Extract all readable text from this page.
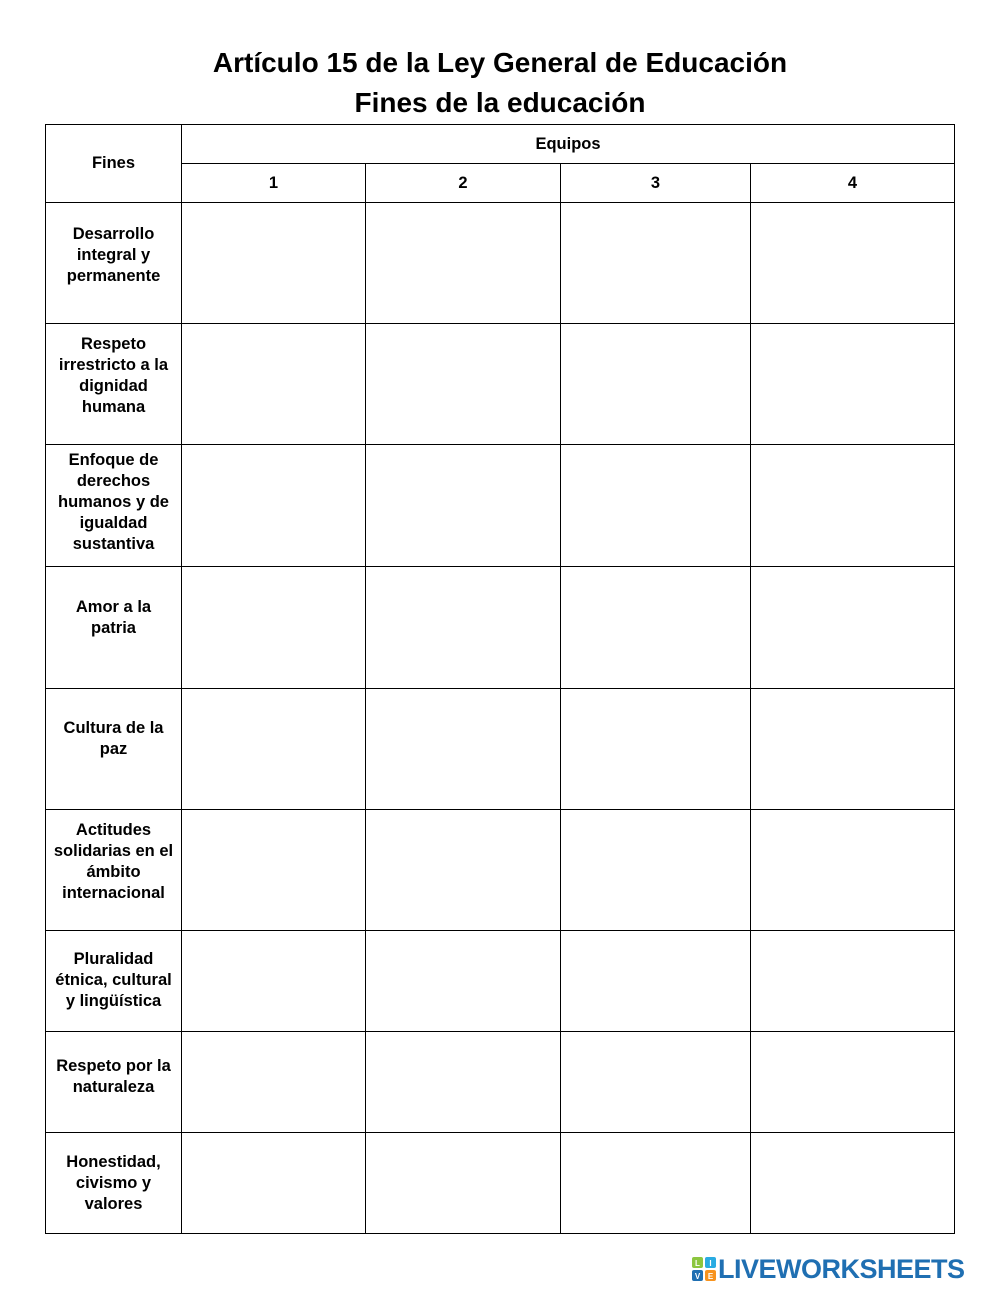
Artículo 15 de la Ley General de Educación
Fines de la educación
Fines	Equipos			
	1	2	3	4

Desarrollo integral y permanente				

Respeto irrestricto a la dignidad humana				

Enfoque de derechos humanos y de igualdad sustantiva				

Amor a la patria				

Cultura de la paz				

Actitudes solidarias en el ámbito internacional				

Pluralidad étnica, cultural y lingüística				

Respeto por la naturaleza				

Honestidad, civismo y valores				

L I
V E LIVEWORKSHEETS
